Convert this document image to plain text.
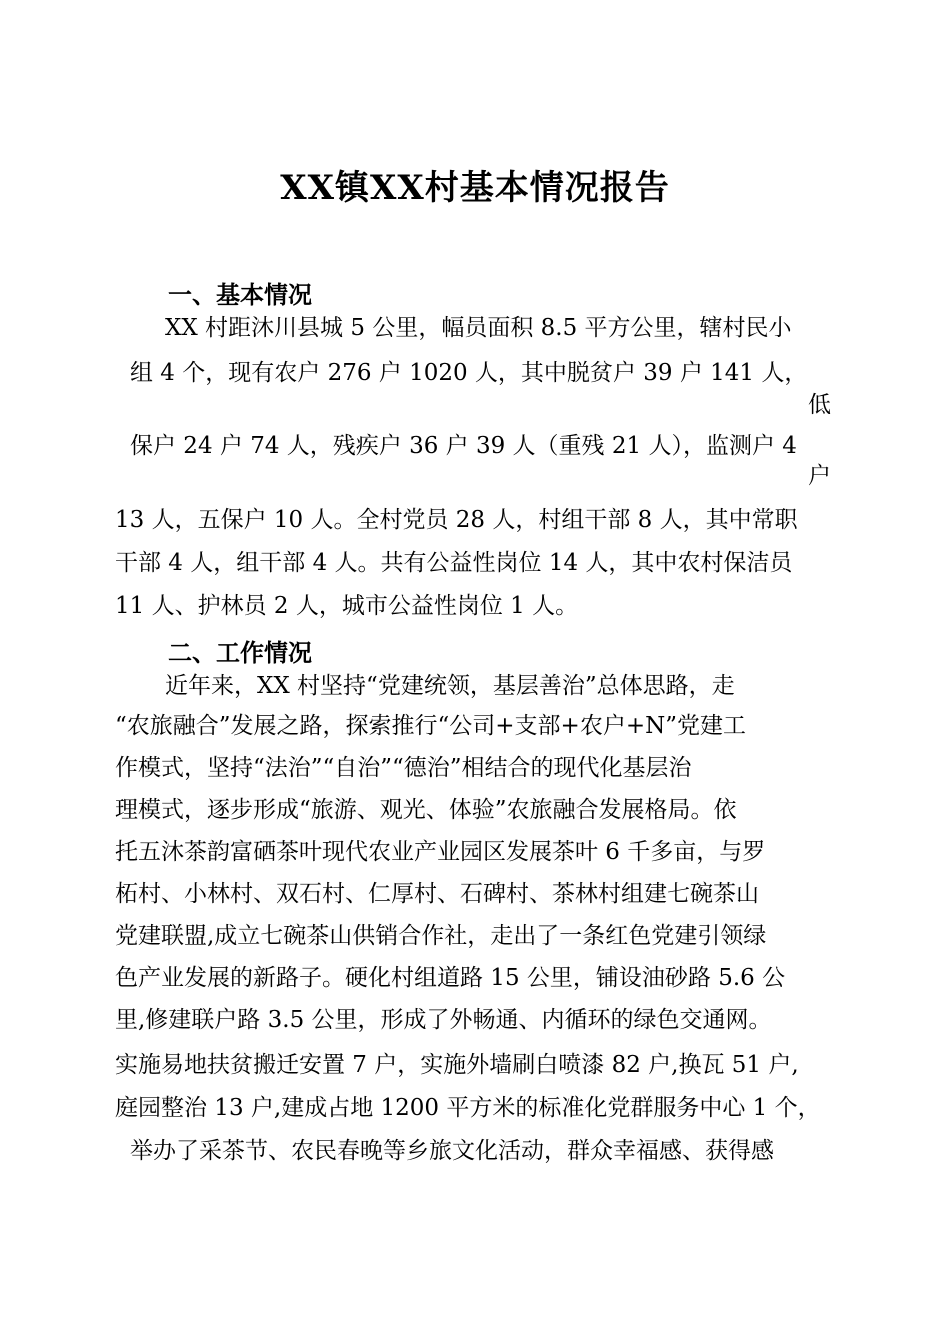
XX镇XX村基本情况报告
一、基本情况
XX 村距沐川县城 5 公里，幅员面积 8.5 平方公里，辖村民小
组 4 个，现有农户 276 户 1020 人，其中脱贫户 39 户 141 人，
低
保户 24 户 74 人，残疾户 36 户 39 人（重残 21 人），监测户 4
户
13 人，五保户 10 人。全村党员 28 人，村组干部 8 人，其中常职
干部 4 人，组干部 4 人。共有公益性岗位 14 人，其中农村保洁员
11 人、护林员 2 人，城市公益性岗位 1 人。
二、工作情况
近年来，XX 村坚持“党建统领，基层善治”总体思路，走
“农旅融合”发展之路，探索推行“公司+支部+农户+N”党建工
作模式，坚持“法治”“自治”“德治”相结合的现代化基层治
理模式，逐步形成“旅游、观光、体验”农旅融合发展格局。依
托五沐茶韵富硒茶叶现代农业产业园区发展茶叶 6 千多亩，与罗
柘村、小林村、双石村、仁厚村、石碑村、茶林村组建七碗茶山
党建联盟,成立七碗茶山供销合作社，走出了一条红色党建引领绿
色产业发展的新路子。硬化村组道路 15 公里，铺设油砂路 5.6 公
里,修建联户路 3.5 公里，形成了外畅通、内循环的绿色交通网。
实施易地扶贫搬迁安置 7 户，实施外墙刷白喷漆 82 户,换瓦 51 户,
庭园整治 13 户,建成占地 1200 平方米的标准化党群服务中心 1 个，
举办了采茶节、农民春晚等乡旅文化活动，群众幸福感、获得感
